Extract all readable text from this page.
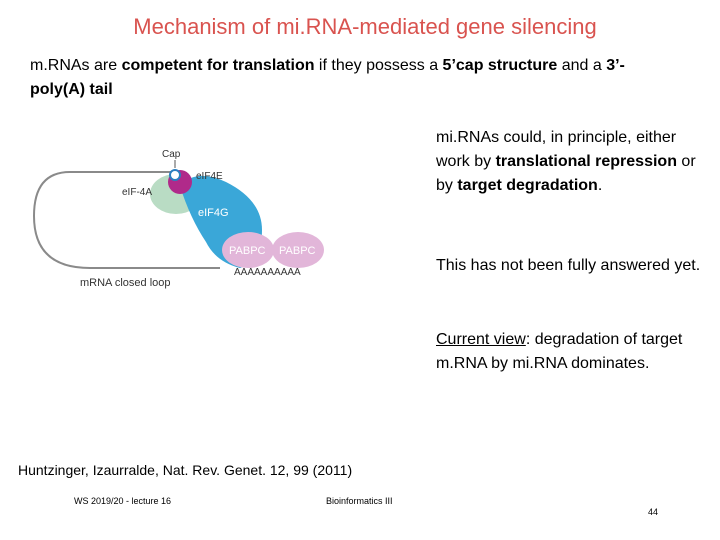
Mechanism of mi.RNA-mediated gene silencing
m.RNAs are competent for translation if they possess a 5’cap structure and a 3’-poly(A) tail
eIF-4A
eIF4G
eIF4E
Cap
PABPC PABPC
AAAAAAAAAA
mRNA closed loop
mi.RNAs could, in principle, either work by translational repression or by target degradation.
This has not been fully answered yet.
Current view: degradation of target m.RNA by mi.RNA dominates.
Huntzinger, Izaurralde, Nat. Rev. Genet. 12, 99 (2011)
WS 2019/20 - lecture 16	Bioinformatics III
44
